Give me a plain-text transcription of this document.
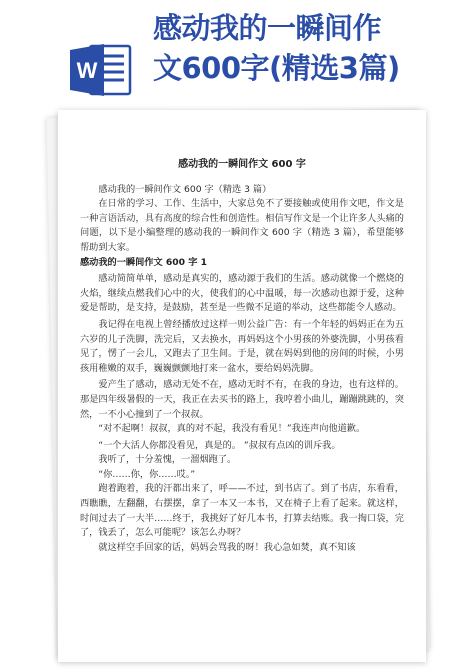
W
感动我的一瞬间作
文600字(精选3篇)
感动我的一瞬间作文 600 字
感动我的一瞬间作文 600 字（精选 3 篇）
在日常的学习、工作、生活中，大家总免不了要接触或使用作文吧，作文是一种言语活动，具有高度的综合性和创造性。相信写作文是一个让许多人头痛的问题，以下是小编整理的感动我的一瞬间作文 600 字（精选 3 篇），希望能够帮助到大家。
感动我的一瞬间作文 600 字 1
感动简简单单，感动是真实的，感动源于我们的生活。感动就像一个燃烧的火焰，继续点燃我们心中的火，使我们的心中温暖，每一次感动也源于爱，这种爱是帮助，是支持，是鼓励，甚至是一些微不足道的举动，这些都能令人感动。
我记得在电视上曾经播放过这样一则公益广告：有一个年轻的妈妈正在为五六岁的儿子洗脚，洗完后，又去换水，再妈妈这个小男孩的外婆洗脚，小男孩看见了，愣了一会儿，又跑去了卫生间。于是，就在妈妈到他的房间的时候，小男孩用稚嫩的双手，巍巍颤颤地打来一盆水，要给妈妈洗脚。
爱产生了感动，感动无处不在，感动无时不有，在我的身边，也有这样的。 那是四年级暑假的一天，我正在去买书的路上，我哼着小曲儿，蹦蹦跳跳的，突然，一不小心撞到了一个叔叔。
“对不起啊！叔叔，真的对不起，我没有看见！”我连声向他道歉。
“一个大活人你都没看见，真是的。 ”叔叔有点凶的训斥我。
我听了，十分羞愧，一溜烟跑了。
“你……你，你……哎。”
跑着跑着，我的汗都出来了，呼——不过，到书店了。到了书店，东看看，西瞧瞧，左翻翻，右摆摆，拿了一本又一本书，又在椅子上看了起来。就这样，时间过去了一大半……终于，我挑好了好几本书，打算去结账。我一掏口袋，完了，钱丢了，怎么可能呢？该怎么办呀？
就这样空手回家的话，妈妈会骂我的呀！我心急如焚，真不知该
